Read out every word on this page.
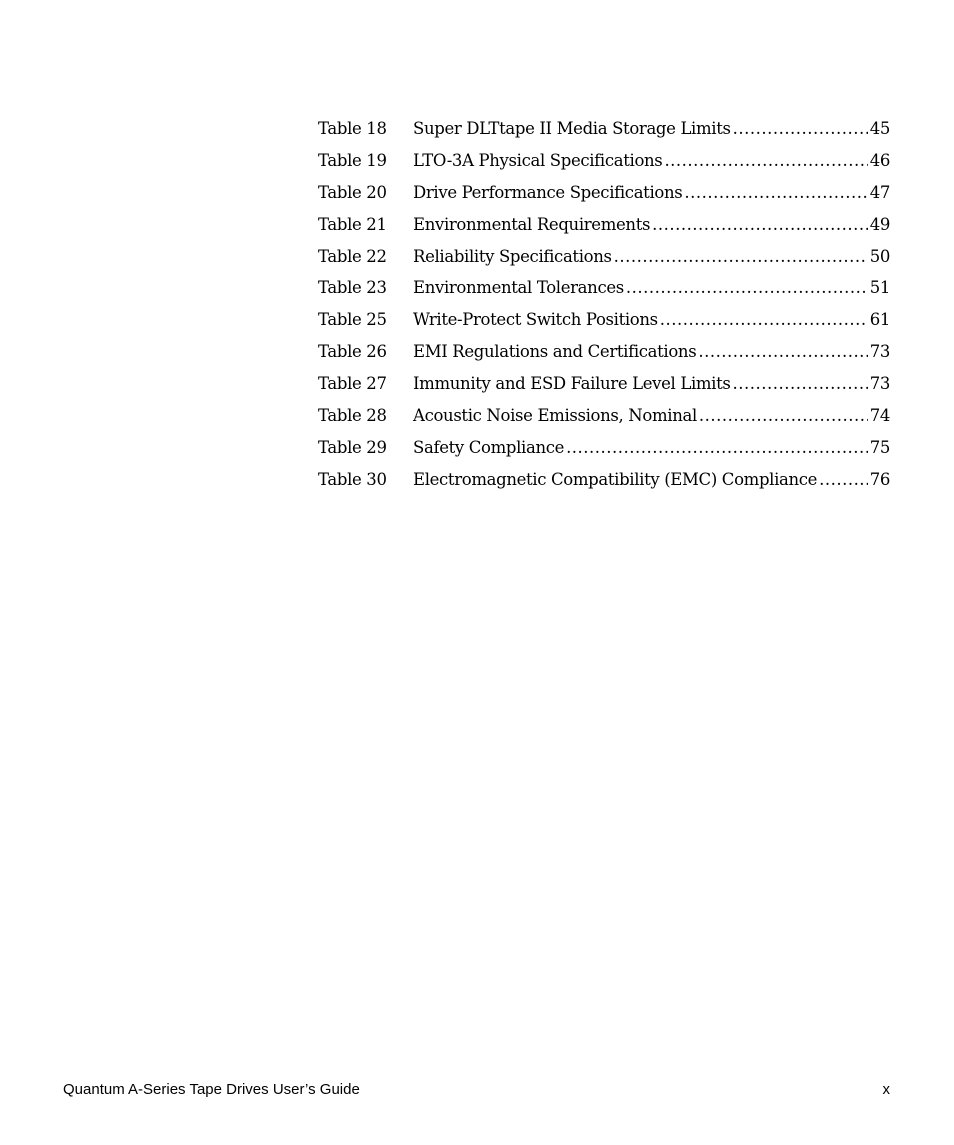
Table 18	Super DLTtape II Media Storage Limits .....	45
Table 19	LTO-3A Physical Specifications .....	46
Table 20	Drive Performance Specifications .....	47
Table 21	Environmental Requirements .....	49
Table 22	Reliability Specifications .....	50
Table 23	Environmental Tolerances .....	51
Table 25	Write-Protect Switch Positions .....	61
Table 26	EMI Regulations and Certifications .....	73
Table 27	Immunity and ESD Failure Level Limits .....	73
Table 28	Acoustic Noise Emissions, Nominal .....	74
Table 29	Safety Compliance .....	75
Table 30	Electromagnetic Compatibility (EMC) Compliance .....	76
Quantum A-Series Tape Drives User’s Guide	x
